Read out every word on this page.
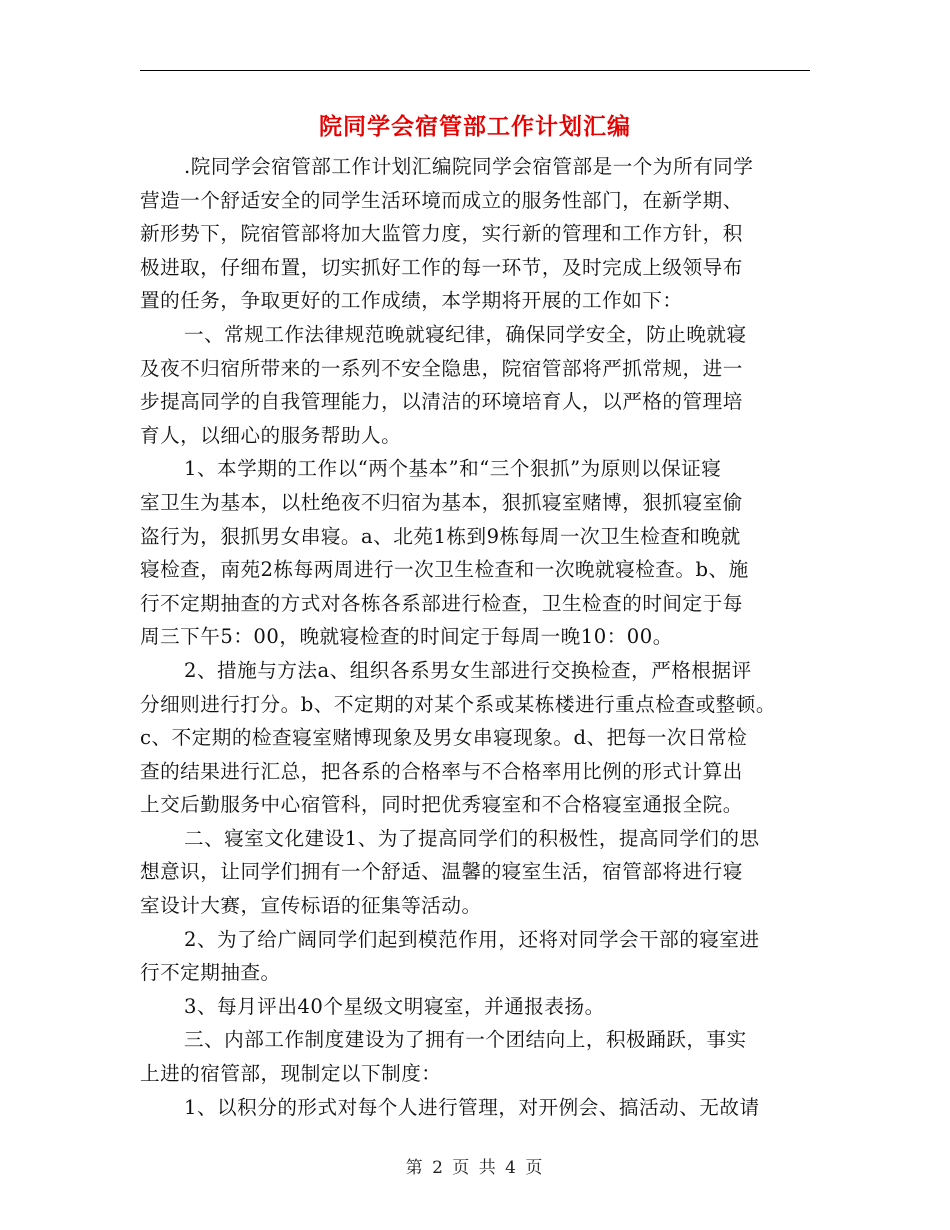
院同学会宿管部工作计划汇编
.院同学会宿管部工作计划汇编院同学会宿管部是一个为所有同学
营造一个舒适安全的同学生活环境而成立的服务性部门，在新学期、
新形势下，院宿管部将加大监管力度，实行新的管理和工作方针，积
极进取，仔细布置，切实抓好工作的每一环节，及时完成上级领导布
置的任务，争取更好的工作成绩，本学期将开展的工作如下：
一、常规工作法律规范晚就寝纪律，确保同学安全，防止晚就寝
及夜不归宿所带来的一系列不安全隐患，院宿管部将严抓常规，进一
步提高同学的自我管理能力，以清洁的环境培育人，以严格的管理培
育人，以细心的服务帮助人。
1、本学期的工作以“两个基本”和“三个狠抓”为原则以保证寝
室卫生为基本，以杜绝夜不归宿为基本，狠抓寝室赌博，狠抓寝室偷
盗行为，狠抓男女串寝。a、北苑1栋到9栋每周一次卫生检查和晚就
寝检查，南苑2栋每两周进行一次卫生检查和一次晚就寝检查。b、施
行不定期抽查的方式对各栋各系部进行检查，卫生检查的时间定于每
周三下午5：00，晚就寝检查的时间定于每周一晚10：00。
2、措施与方法a、组织各系男女生部进行交换检查，严格根据评
分细则进行打分。b、不定期的对某个系或某栋楼进行重点检查或整顿。
c、不定期的检查寝室赌博现象及男女串寝现象。d、把每一次日常检
查的结果进行汇总，把各系的合格率与不合格率用比例的形式计算出
上交后勤服务中心宿管科，同时把优秀寝室和不合格寝室通报全院。
二、寝室文化建设1、为了提高同学们的积极性，提高同学们的思
想意识，让同学们拥有一个舒适、温馨的寝室生活，宿管部将进行寝
室设计大赛，宣传标语的征集等活动。
2、为了给广阔同学们起到模范作用，还将对同学会干部的寝室进
行不定期抽查。
3、每月评出40个星级文明寝室，并通报表扬。
三、内部工作制度建设为了拥有一个团结向上，积极踊跃，事实
上进的宿管部，现制定以下制度：
1、以积分的形式对每个人进行管理，对开例会、搞活动、无故请
第 2 页 共 4 页
